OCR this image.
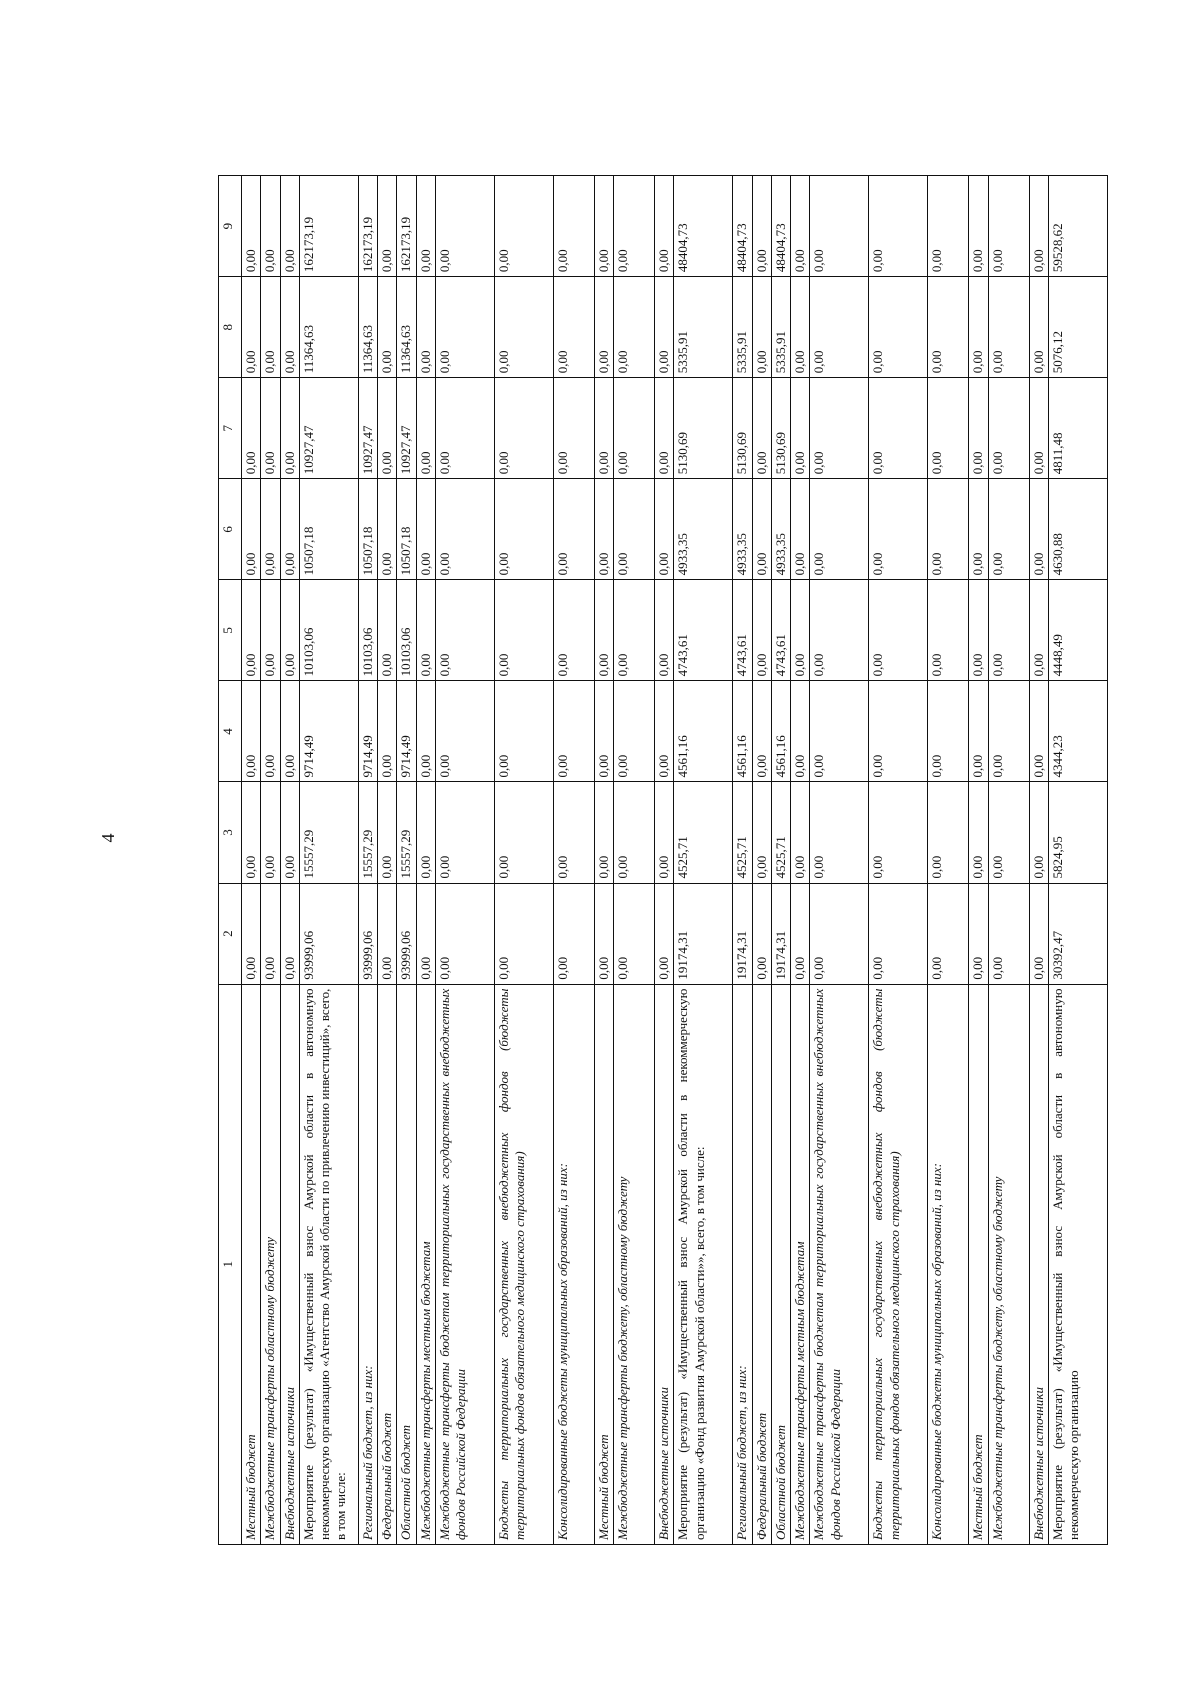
4
1	2	3	4	5	6	7	8	9
Местный бюджет	0,00	0,00	0,00	0,00	0,00	0,00	0,00	0,00
Межбюджетные трансферты областному бюджету	0,00	0,00	0,00	0,00	0,00	0,00	0,00	0,00
Внебюджетные источники	0,00	0,00	0,00	0,00	0,00	0,00	0,00	0,00
Мероприятие (результат) «Имущественный взнос Амурской области в автономную некоммерческую организацию «Агентство Амурской области по привлечению инвестиций», всего, в том числе:	93999,06	15557,29	9714,49	10103,06	10507,18	10927,47	11364,63	162173,19
Региональный бюджет, из них:	93999,06	15557,29	9714,49	10103,06	10507,18	10927,47	11364,63	162173,19
Федеральный бюджет	0,00	0,00	0,00	0,00	0,00	0,00	0,00	0,00
Областной бюджет	93999,06	15557,29	9714,49	10103,06	10507,18	10927,47	11364,63	162173,19
Межбюджетные трансферты местным бюджетам	0,00	0,00	0,00	0,00	0,00	0,00	0,00	0,00
Межбюджетные трансферты бюджетам территориальных государственных внебюджетных фондов Российской Федерации	0,00	0,00	0,00	0,00	0,00	0,00	0,00	0,00
Бюджеты территориальных государственных внебюджетных фондов (бюджеты территориальных фондов обязательного медицинского страхования)	0,00	0,00	0,00	0,00	0,00	0,00	0,00	0,00
Консолидированные бюджеты муниципальных образований, из них:	0,00	0,00	0,00	0,00	0,00	0,00	0,00	0,00
Местный бюджет	0,00	0,00	0,00	0,00	0,00	0,00	0,00	0,00
Межбюджетные трансферты бюджету, областному бюджету	0,00	0,00	0,00	0,00	0,00	0,00	0,00	0,00
Внебюджетные источники	0,00	0,00	0,00	0,00	0,00	0,00	0,00	0,00
Мероприятие (результат) «Имущественный взнос Амурской области в некоммерческую организацию «Фонд развития Амурской области»», всего, в том числе:	19174,31	4525,71	4561,16	4743,61	4933,35	5130,69	5335,91	48404,73
Региональный бюджет, из них:	19174,31	4525,71	4561,16	4743,61	4933,35	5130,69	5335,91	48404,73
Федеральный бюджет	0,00	0,00	0,00	0,00	0,00	0,00	0,00	0,00
Областной бюджет	19174,31	4525,71	4561,16	4743,61	4933,35	5130,69	5335,91	48404,73
Межбюджетные трансферты местным бюджетам	0,00	0,00	0,00	0,00	0,00	0,00	0,00	0,00
Межбюджетные трансферты бюджетам территориальных государственных внебюджетных фондов Российской Федерации	0,00	0,00	0,00	0,00	0,00	0,00	0,00	0,00
Бюджеты территориальных государственных внебюджетных фондов (бюджеты территориальных фондов обязательного медицинского страхования)	0,00	0,00	0,00	0,00	0,00	0,00	0,00	0,00
Консолидированные бюджеты муниципальных образований, из них:	0,00	0,00	0,00	0,00	0,00	0,00	0,00	0,00
Местный бюджет	0,00	0,00	0,00	0,00	0,00	0,00	0,00	0,00
Межбюджетные трансферты бюджету, областному бюджету	0,00	0,00	0,00	0,00	0,00	0,00	0,00	0,00
Внебюджетные источники	0,00	0,00	0,00	0,00	0,00	0,00	0,00	0,00
Мероприятие (результат) «Имущественный взнос Амурской области в автономную некоммерческую организацию	30392,47	5824,95	4344,23	4448,49	4630,88	4811,48	5076,12	59528,62
